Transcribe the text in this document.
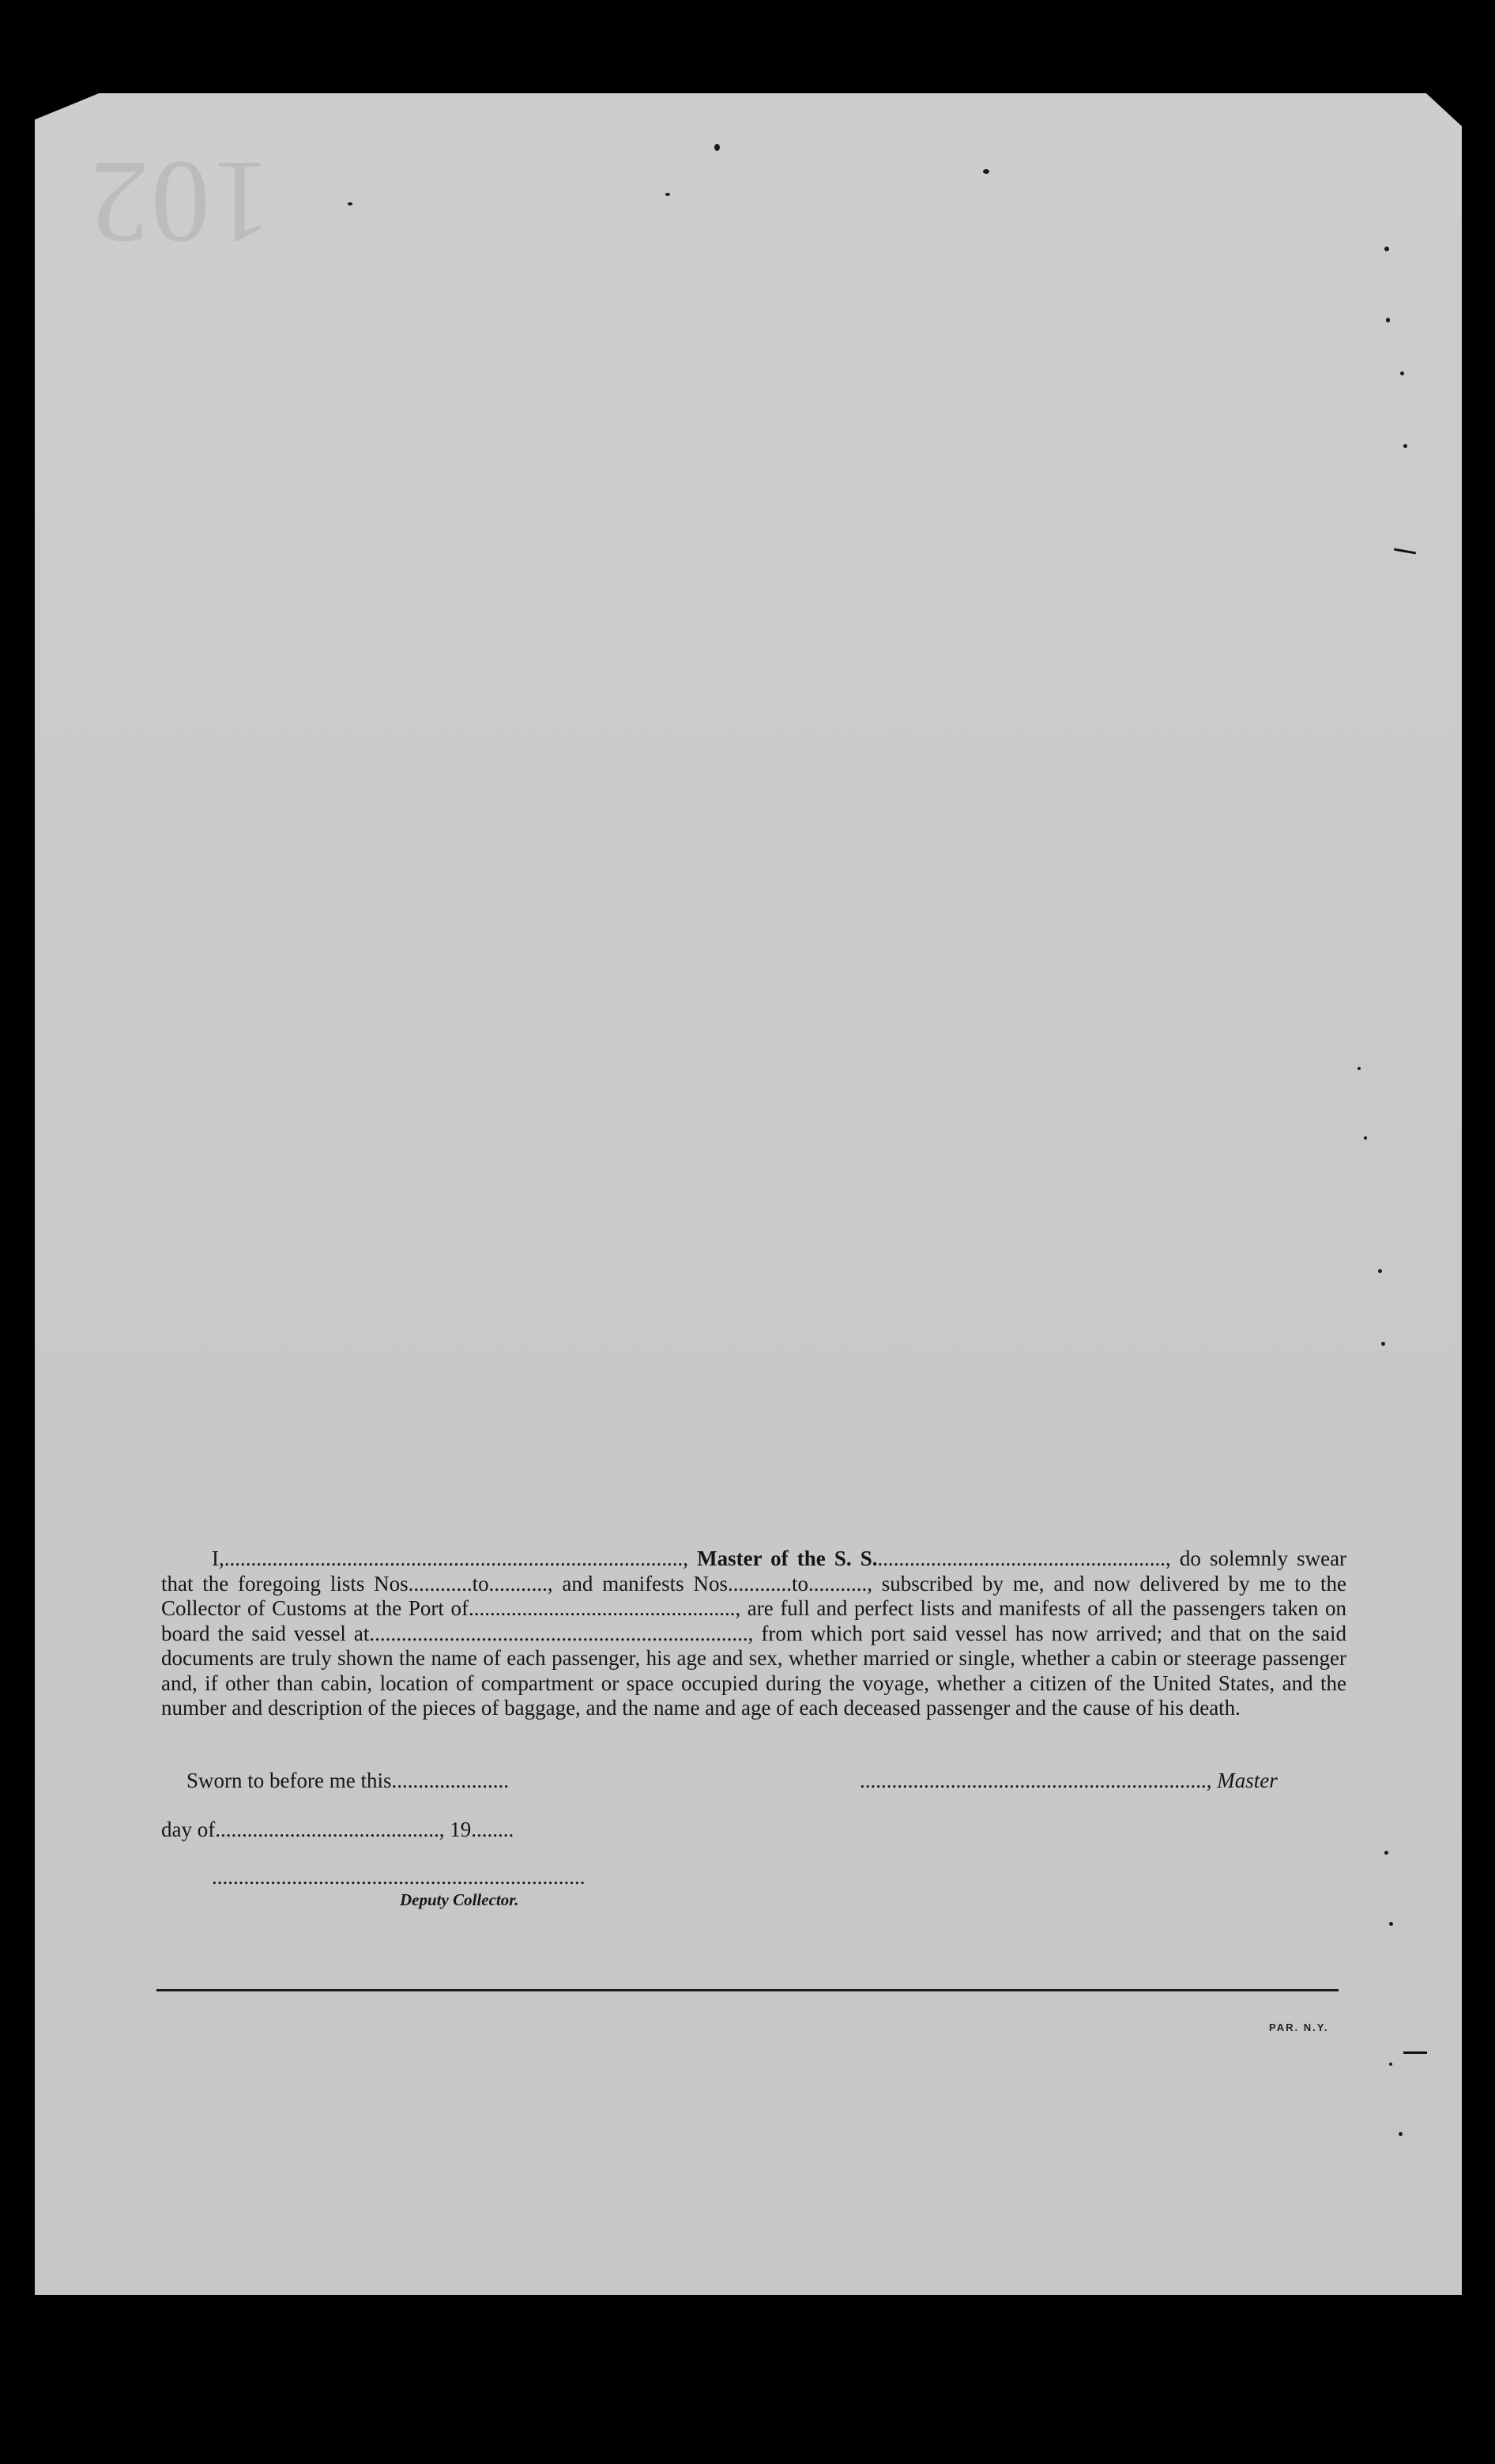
102

I,......................................................................................, Master of the S. S......................................................., do solemnly swear that the foregoing lists Nos............to..........., and manifests Nos............to..........., subscribed by me, and now delivered by me to the Collector of Customs at the Port of.................................................., are full and perfect lists and manifests of all the passengers taken on board the said vessel at......................................................................., from which port said vessel has now arrived; and that on the said documents are truly shown the name of each passenger, his age and sex, whether married or single, whether a cabin or steerage passenger and, if other than cabin, location of compartment or space occupied during the voyage, whether a citizen of the United States, and the number and description of the pieces of baggage, and the name and age of each deceased passenger and the cause of his death.

Sworn to before me this......................	................................................................., Master
day of.........................................., 19........
......................................................................
Deputy Collector.
PAR. N.Y.
